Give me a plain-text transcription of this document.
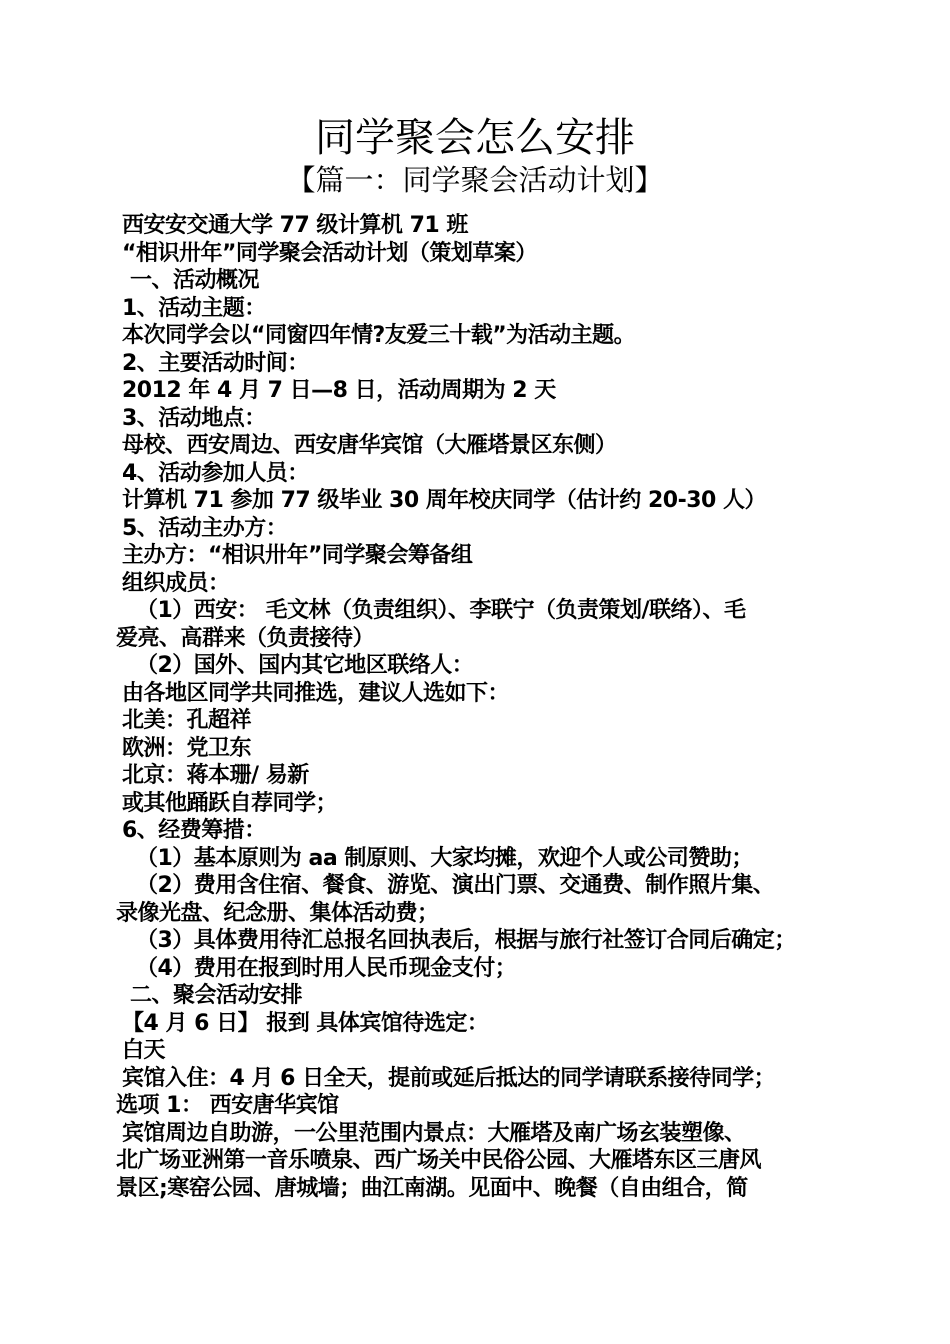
同学聚会怎么安排
【篇一：同学聚会活动计划】
西安安交通大学 77 级计算机 71 班
“相识卅年”同学聚会活动计划（策划草案）
一、活动概况
1、活动主题：
本次同学会以“同窗四年情?友爱三十载”为活动主题。
2、主要活动时间：
2012 年 4 月 7 日—8 日，活动周期为 2 天
3、活动地点：
母校、西安周边、西安唐华宾馆（大雁塔景区东侧）
4、活动参加人员：
计算机 71 参加 77 级毕业 30 周年校庆同学（估计约 20-30 人）
5、活动主办方：
主办方：“相识卅年”同学聚会筹备组
组织成员：
（1）西安： 毛文林（负责组织）、李联宁（负责策划/联络）、毛
爱亮、高群来（负责接待）
（2）国外、国内其它地区联络人：
由各地区同学共同推选，建议人选如下：
北美：孔超祥
欧洲：党卫东
北京：蒋本珊/ 易新
或其他踊跃自荐同学；
6、经费筹措：
（1）基本原则为 aa 制原则、大家均摊，欢迎个人或公司赞助；
（2）费用含住宿、餐食、游览、演出门票、交通费、制作照片集、
录像光盘、纪念册、集体活动费；
（3）具体费用待汇总报名回执表后，根据与旅行社签订合同后确定；
（4）费用在报到时用人民币现金支付；
二、聚会活动安排
【4 月 6 日】 报到 具体宾馆待选定：
白天
宾馆入住：4 月 6 日全天，提前或延后抵达的同学请联系接待同学；
选项 1： 西安唐华宾馆
宾馆周边自助游，一公里范围内景点：大雁塔及南广场玄装塑像、
北广场亚洲第一音乐喷泉、西广场关中民俗公园、大雁塔东区三唐风
景区;寒窑公园、唐城墙；曲江南湖。见面中、晚餐（自由组合，简
